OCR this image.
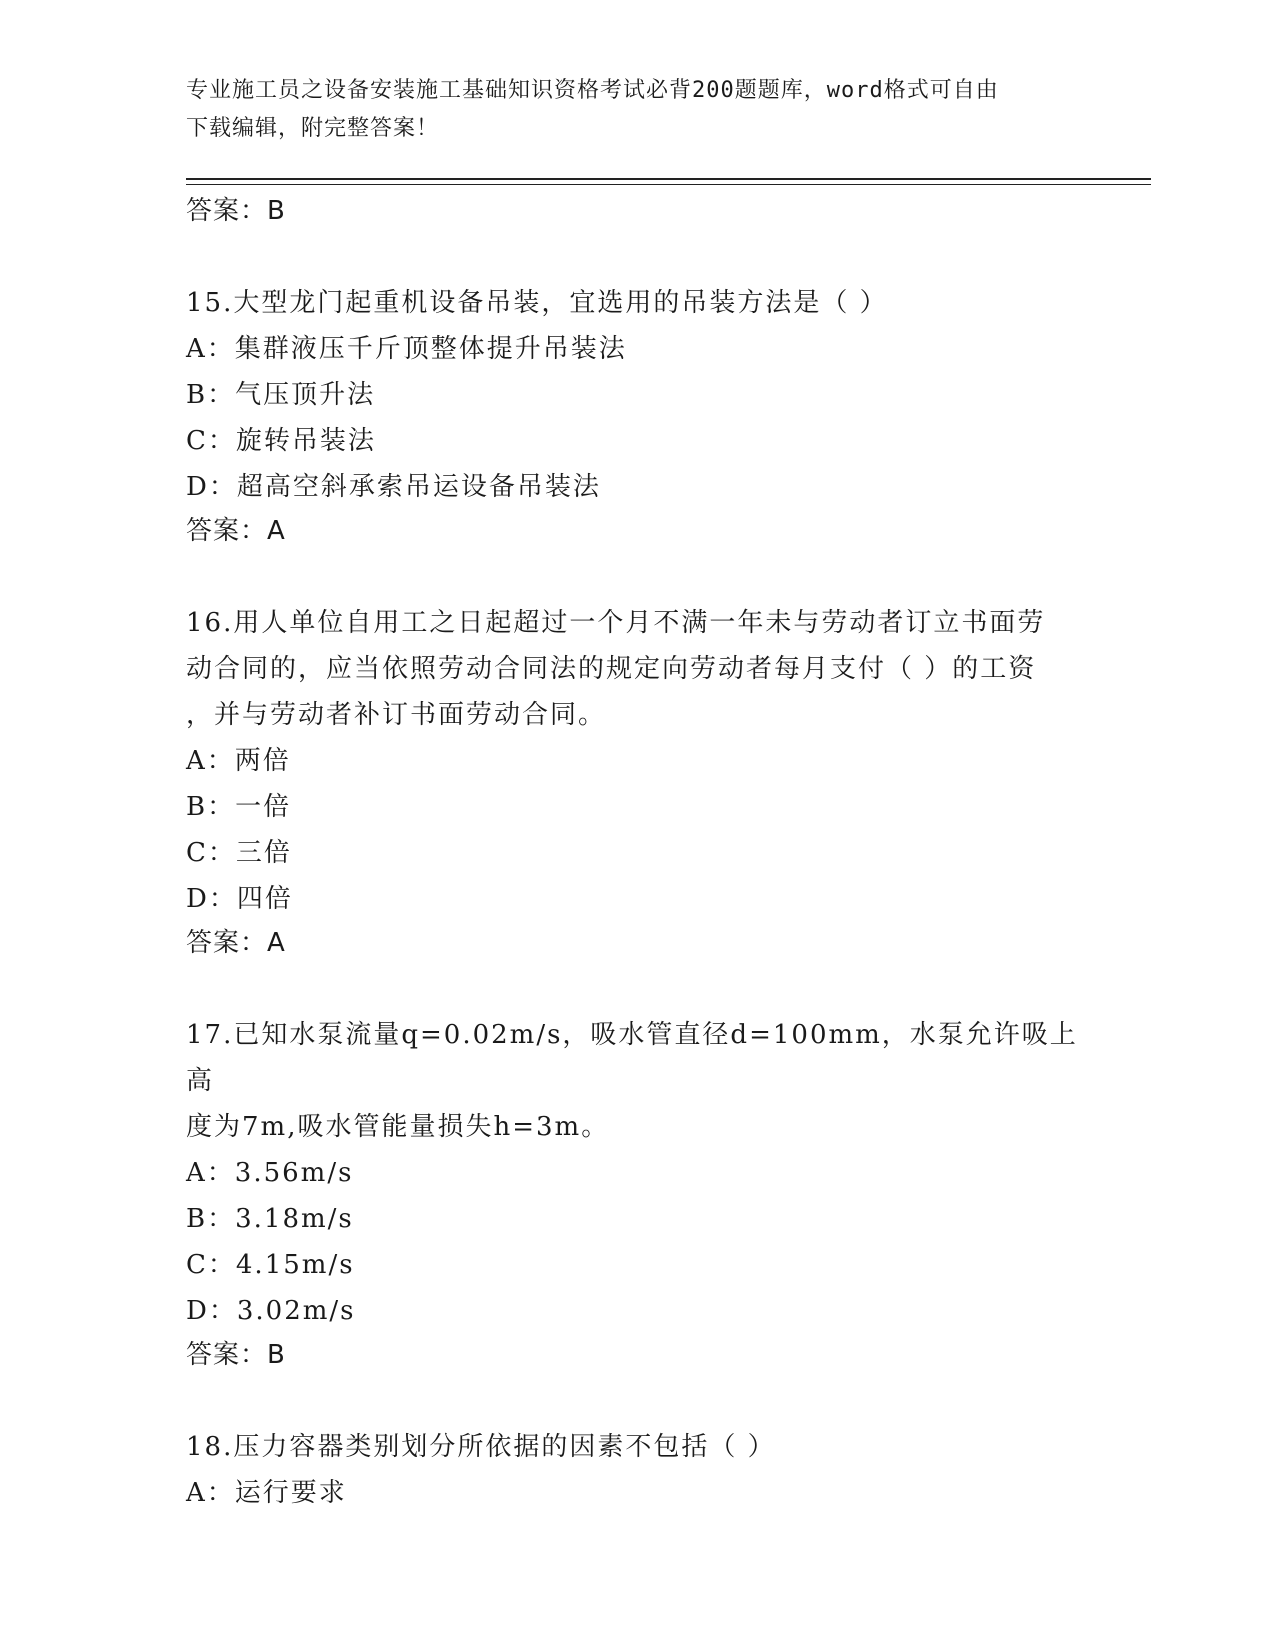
专业施工员之设备安装施工基础知识资格考试必背200题题库，word格式可自由
下载编辑，附完整答案！
答案：B
15.大型龙门起重机设备吊装，宜选用的吊装方法是（ ）
A：集群液压千斤顶整体提升吊装法
B：气压顶升法
C：旋转吊装法
D：超高空斜承索吊运设备吊装法
答案：A
16.用人单位自用工之日起超过一个月不满一年未与劳动者订立书面劳
动合同的，应当依照劳动合同法的规定向劳动者每月支付（ ）的工资
，并与劳动者补订书面劳动合同。
A：两倍
B：一倍
C：三倍
D：四倍
答案：A
17.已知水泵流量q=0.02m/s，吸水管直径d=100mm，水泵允许吸上高
度为7m,吸水管能量损失h=3m。
A：3.56m/s
B：3.18m/s
C：4.15m/s
D：3.02m/s
答案：B
18.压力容器类别划分所依据的因素不包括（ ）
A：运行要求
